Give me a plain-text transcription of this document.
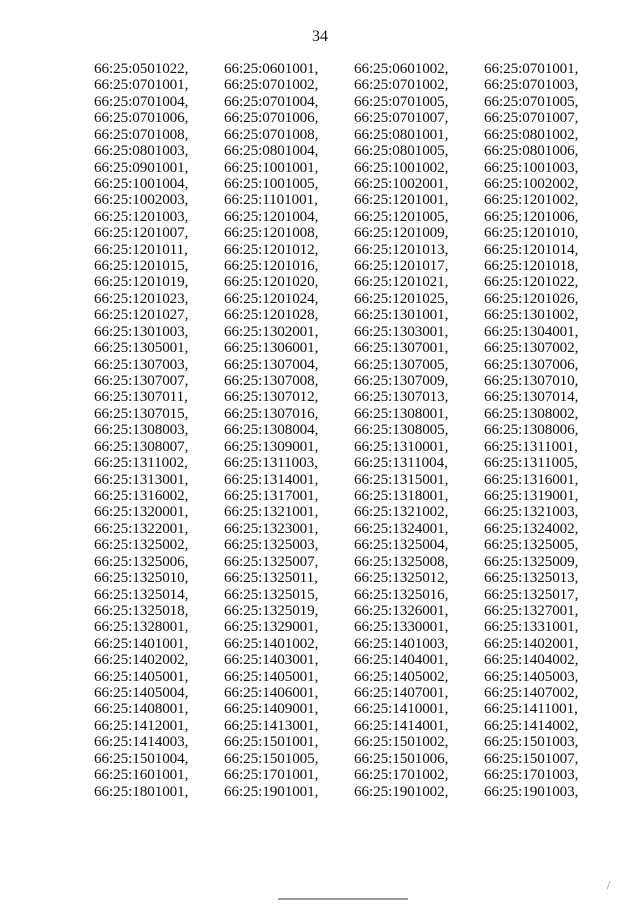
34
66:25:0501022,	66:25:0601001,	66:25:0601002,	66:25:0701001,
66:25:0701001,	66:25:0701002,	66:25:0701002,	66:25:0701003,
66:25:0701004,	66:25:0701004,	66:25:0701005,	66:25:0701005,
66:25:0701006,	66:25:0701006,	66:25:0701007,	66:25:0701007,
66:25:0701008,	66:25:0701008,	66:25:0801001,	66:25:0801002,
66:25:0801003,	66:25:0801004,	66:25:0801005,	66:25:0801006,
66:25:0901001,	66:25:1001001,	66:25:1001002,	66:25:1001003,
66:25:1001004,	66:25:1001005,	66:25:1002001,	66:25:1002002,
66:25:1002003,	66:25:1101001,	66:25:1201001,	66:25:1201002,
66:25:1201003,	66:25:1201004,	66:25:1201005,	66:25:1201006,
66:25:1201007,	66:25:1201008,	66:25:1201009,	66:25:1201010,
66:25:1201011,	66:25:1201012,	66:25:1201013,	66:25:1201014,
66:25:1201015,	66:25:1201016,	66:25:1201017,	66:25:1201018,
66:25:1201019,	66:25:1201020,	66:25:1201021,	66:25:1201022,
66:25:1201023,	66:25:1201024,	66:25:1201025,	66:25:1201026,
66:25:1201027,	66:25:1201028,	66:25:1301001,	66:25:1301002,
66:25:1301003,	66:25:1302001,	66:25:1303001,	66:25:1304001,
66:25:1305001,	66:25:1306001,	66:25:1307001,	66:25:1307002,
66:25:1307003,	66:25:1307004,	66:25:1307005,	66:25:1307006,
66:25:1307007,	66:25:1307008,	66:25:1307009,	66:25:1307010,
66:25:1307011,	66:25:1307012,	66:25:1307013,	66:25:1307014,
66:25:1307015,	66:25:1307016,	66:25:1308001,	66:25:1308002,
66:25:1308003,	66:25:1308004,	66:25:1308005,	66:25:1308006,
66:25:1308007,	66:25:1309001,	66:25:1310001,	66:25:1311001,
66:25:1311002,	66:25:1311003,	66:25:1311004,	66:25:1311005,
66:25:1313001,	66:25:1314001,	66:25:1315001,	66:25:1316001,
66:25:1316002,	66:25:1317001,	66:25:1318001,	66:25:1319001,
66:25:1320001,	66:25:1321001,	66:25:1321002,	66:25:1321003,
66:25:1322001,	66:25:1323001,	66:25:1324001,	66:25:1324002,
66:25:1325002,	66:25:1325003,	66:25:1325004,	66:25:1325005,
66:25:1325006,	66:25:1325007,	66:25:1325008,	66:25:1325009,
66:25:1325010,	66:25:1325011,	66:25:1325012,	66:25:1325013,
66:25:1325014,	66:25:1325015,	66:25:1325016,	66:25:1325017,
66:25:1325018,	66:25:1325019,	66:25:1326001,	66:25:1327001,
66:25:1328001,	66:25:1329001,	66:25:1330001,	66:25:1331001,
66:25:1401001,	66:25:1401002,	66:25:1401003,	66:25:1402001,
66:25:1402002,	66:25:1403001,	66:25:1404001,	66:25:1404002,
66:25:1405001,	66:25:1405001,	66:25:1405002,	66:25:1405003,
66:25:1405004,	66:25:1406001,	66:25:1407001,	66:25:1407002,
66:25:1408001,	66:25:1409001,	66:25:1410001,	66:25:1411001,
66:25:1412001,	66:25:1413001,	66:25:1414001,	66:25:1414002,
66:25:1414003,	66:25:1501001,	66:25:1501002,	66:25:1501003,
66:25:1501004,	66:25:1501005,	66:25:1501006,	66:25:1501007,
66:25:1601001,	66:25:1701001,	66:25:1701002,	66:25:1701003,
66:25:1801001,	66:25:1901001,	66:25:1901002,	66:25:1901003,
